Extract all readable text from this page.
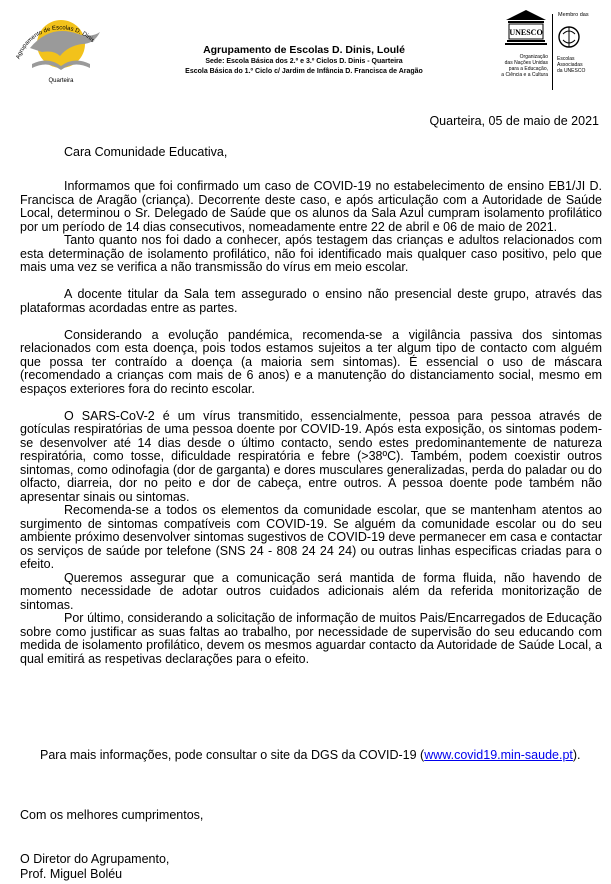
Agrupamento de Escolas D. Dinis
Quarteira
Agrupamento de Escolas D. Dinis, Loulé
Sede: Escola Básica dos 2.º e 3.º Ciclos D. Dinis - Quarteira
Escola Básica do 1.º Ciclo c/ Jardim de Infância D. Francisca de Aragão
UNESCO
Organização
das Nações Unidas
para a Educação,
a Ciência e a Cultura
Membro das
Escolas
Associadas
da UNESCO
Quarteira, 05 de maio de 2021
Cara Comunidade Educativa,

Informamos que foi confirmado um caso de COVID-19 no estabelecimento de ensino EB1/JI D. Francisca de Aragão (criança). Decorrente deste caso, e após articulação com a Autoridade de Saúde Local, determinou o Sr. Delegado de Saúde que os alunos da Sala Azul cumpram isolamento profilático por um período de 14 dias consecutivos, nomeadamente entre 22 de abril e 06 de maio de 2021.

Tanto quanto nos foi dado a conhecer, após testagem das crianças e adultos relacionados com esta determinação de isolamento profilático, não foi identificado mais qualquer caso positivo, pelo que mais uma vez se verifica a não transmissão do vírus em meio escolar.

A docente titular da Sala tem assegurado o ensino não presencial deste grupo, através das plataformas acordadas entre as partes.

Considerando a evolução pandémica, recomenda-se a vigilância passiva dos sintomas relacionados com esta doença, pois todos estamos sujeitos a ter algum tipo de contacto com alguém que possa ter contraído a doença (a maioria sem sintomas). É essencial o uso de máscara (recomendado a crianças com mais de 6 anos) e a manutenção do distanciamento social, mesmo em espaços exteriores fora do recinto escolar.

O SARS-CoV-2 é um vírus transmitido, essencialmente, pessoa para pessoa através de gotículas respiratórias de uma pessoa doente por COVID-19. Após esta exposição, os sintomas podem-se desenvolver até 14 dias desde o último contacto, sendo estes predominantemente de natureza respiratória, como tosse, dificuldade respiratória e febre (>38ºC). Também, podem coexistir outros sintomas, como odinofagia (dor de garganta) e dores musculares generalizadas, perda do paladar ou do olfacto, diarreia, dor no peito e dor de cabeça, entre outros. A pessoa doente pode também não apresentar sinais ou sintomas.

Recomenda-se a todos os elementos da comunidade escolar, que se mantenham atentos ao surgimento de sintomas compatíveis com COVID-19. Se alguém da comunidade escolar ou do seu ambiente próximo desenvolver sintomas sugestivos de COVID-19 deve permanecer em casa e contactar os serviços de saúde por telefone (SNS 24 - 808 24 24 24) ou outras linhas especificas criadas para o efeito.

Queremos assegurar que a comunicação será mantida de forma fluida, não havendo de momento necessidade de adotar outros cuidados adicionais além da referida monitorização de sintomas.

Por último, considerando a solicitação de informação de muitos Pais/Encarregados de Educação sobre como justificar as suas faltas ao trabalho, por necessidade de supervisão do seu educando com medida de isolamento profilático, devem os mesmos aguardar contacto da Autoridade de Saúde Local, a qual emitirá as respetivas declarações para o efeito.

Para mais informações, pode consultar o site da DGS da COVID-19 (www.covid19.min-saude.pt).
Com os melhores cumprimentos,
O Diretor do Agrupamento,
Prof. Miguel Boléu
